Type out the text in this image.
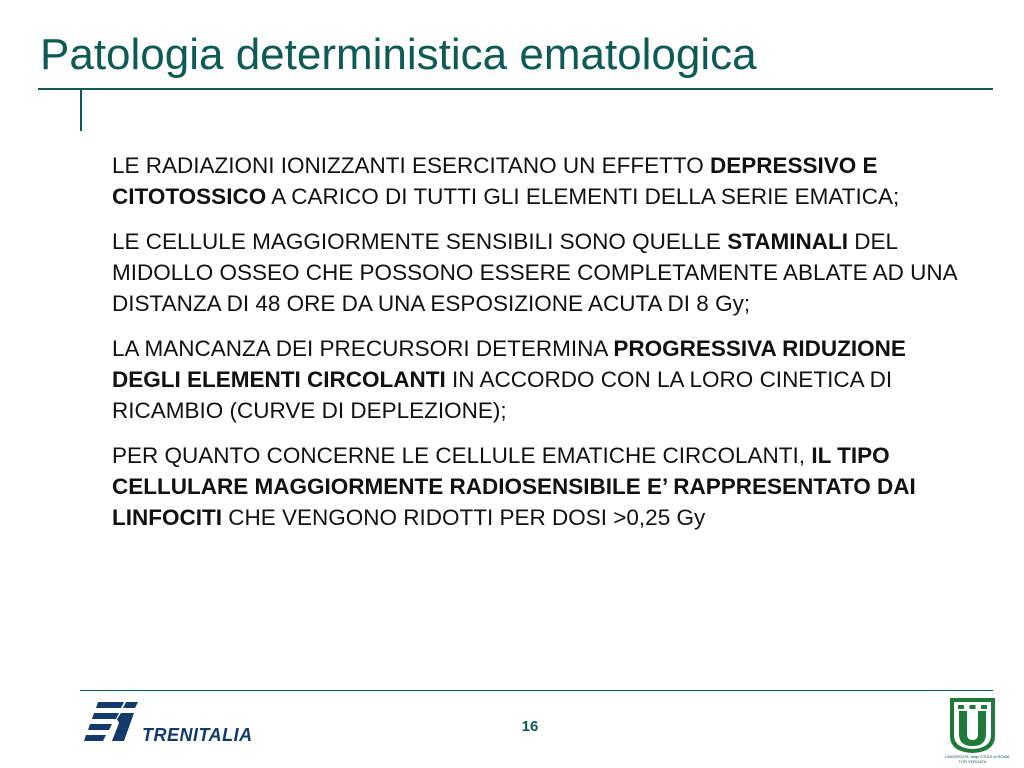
Patologia deterministica ematologica

LE RADIAZIONI IONIZZANTI ESERCITANO UN EFFETTO DEPRESSIVO E CITOTOSSICO A CARICO DI TUTTI GLI ELEMENTI DELLA SERIE EMATICA;

LE CELLULE MAGGIORMENTE SENSIBILI SONO QUELLE STAMINALI DEL MIDOLLO OSSEO CHE POSSONO ESSERE COMPLETAMENTE ABLATE AD UNA DISTANZA DI 48 ORE DA UNA ESPOSIZIONE ACUTA DI 8 Gy;

LA MANCANZA DEI PRECURSORI DETERMINA PROGRESSIVA RIDUZIONE DEGLI ELEMENTI CIRCOLANTI IN ACCORDO CON LA LORO CINETICA DI RICAMBIO (CURVE DI DEPLEZIONE);

PER QUANTO CONCERNE LE CELLULE EMATICHE CIRCOLANTI, IL TIPO CELLULARE MAGGIORMENTE RADIOSENSIBILE E’ RAPPRESENTATO DAI LINFOCITI CHE VENGONO RIDOTTI PER DOSI >0,25 Gy

TRENITALIA	16
UNIVERSITA' degli STUDI di ROMA
TOR VERGATA
